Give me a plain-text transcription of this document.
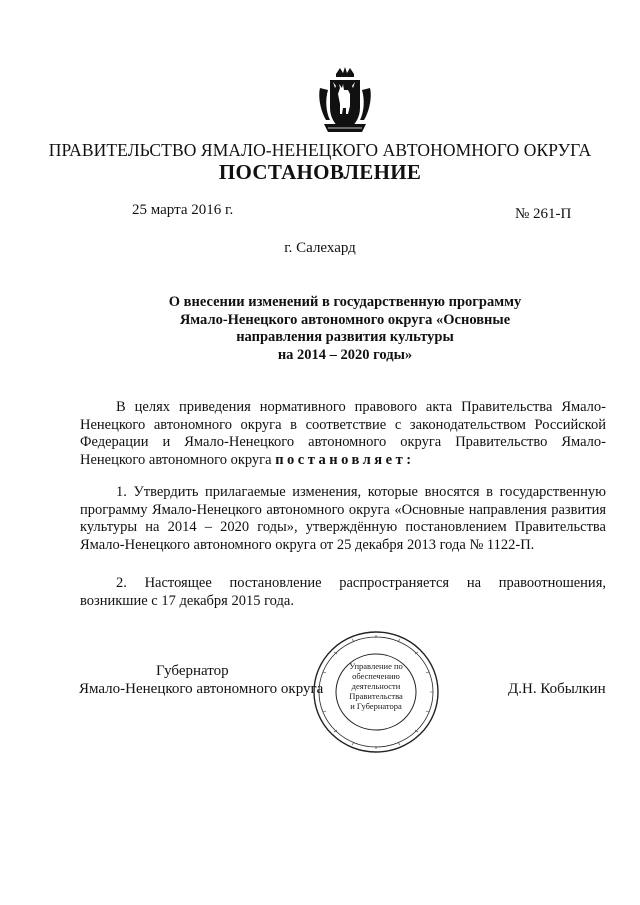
ПРАВИТЕЛЬСТВО ЯМАЛО-НЕНЕЦКОГО АВТОНОМНОГО ОКРУГА
ПОСТАНОВЛЕНИЕ
25 марта 2016 г.	№ 261-П
г. Салехард
О внесении изменений в государственную программу
Ямало-Ненецкого автономного округа «Основные
направления развития культуры
на 2014 – 2020 годы»
В целях приведения нормативного правового акта Правительства Ямало-Ненецкого автономного округа в соответствие с законодательством Российской Федерации и Ямало-Ненецкого автономного округа Правительство Ямало-Ненецкого автономного округа постановляет:
1. Утвердить прилагаемые изменения, которые вносятся в государственную программу Ямало-Ненецкого автономного округа «Основные направления развития культуры на 2014 – 2020 годы», утверждённую постановлением Правительства Ямало-Ненецкого автономного округа от 25 декабря 2013 года № 1122-П.
2. Настоящее постановление распространяется на правоотношения, возникшие с 17 декабря 2015 года.
Губернатор
Ямало-Ненецкого автономного округа	Д.Н. Кобылкин
Управление по
обеспечению
деятельности
Правительства
и Губернатора
